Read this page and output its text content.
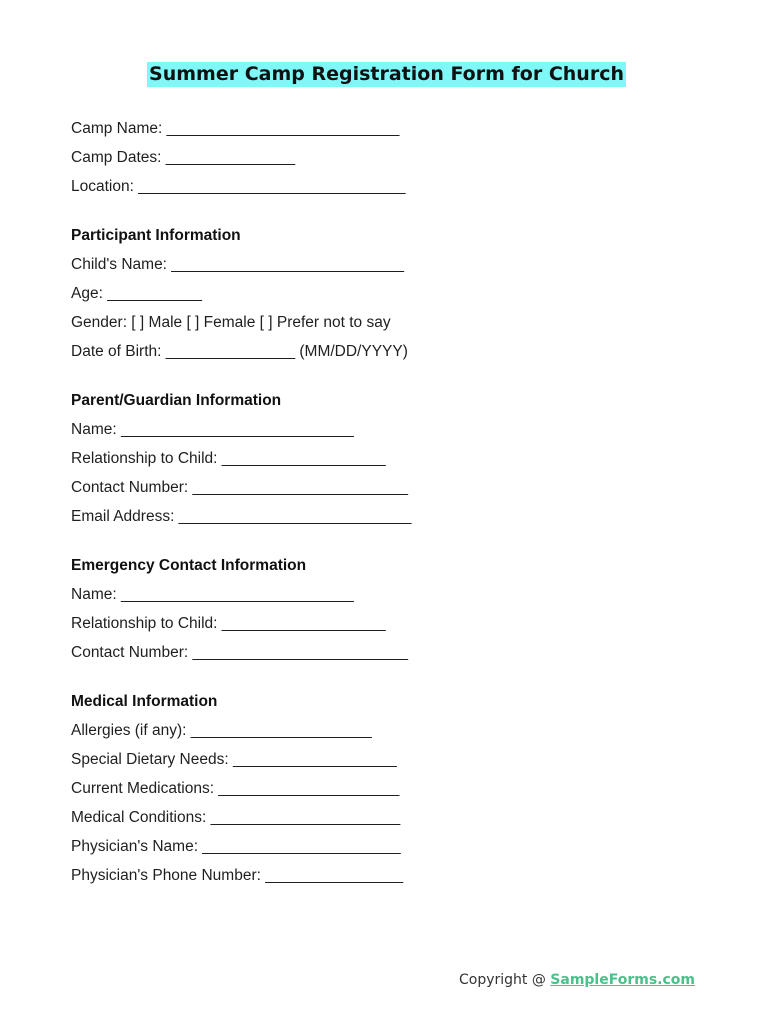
Summer Camp Registration Form for Church
Camp Name: ___________________________
Camp Dates: _______________
Location: _______________________________
Participant Information
Child's Name: ___________________________
Age: ___________
Gender: [ ] Male [ ] Female [ ] Prefer not to say
Date of Birth: _______________ (MM/DD/YYYY)
Parent/Guardian Information
Name: ___________________________
Relationship to Child: ___________________
Contact Number: _________________________
Email Address: ___________________________
Emergency Contact Information
Name: ___________________________
Relationship to Child: ___________________
Contact Number: _________________________
Medical Information
Allergies (if any): _____________________
Special Dietary Needs: ___________________
Current Medications: _____________________
Medical Conditions: ______________________
Physician's Name: _______________________
Physician's Phone Number: ________________
Copyright @ SampleForms.com
